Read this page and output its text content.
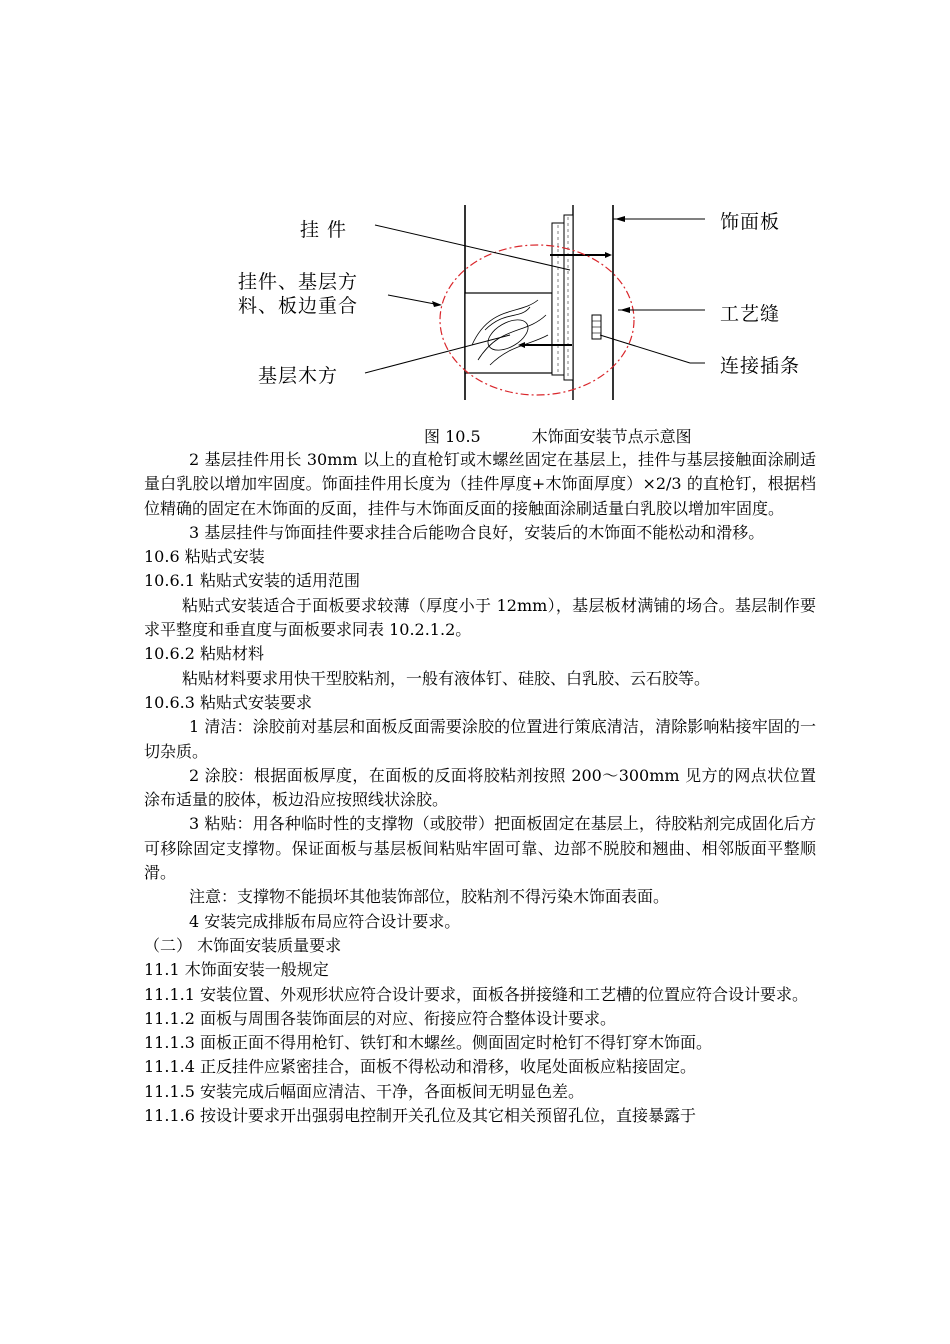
挂 件
挂件、基层方
料、板边重合
基层木方
饰面板
工艺缝
连接插条
图 10.5          木饰面安装节点示意图

2 基层挂件用长 30mm 以上的直枪钉或木螺丝固定在基层上，挂件与基层接触面涂刷适量白乳胶以增加牢固度。饰面挂件用长度为（挂件厚度+木饰面厚度）×2/3 的直枪钉，根据档位精确的固定在木饰面的反面，挂件与木饰面反面的接触面涂刷适量白乳胶以增加牢固度。

3 基层挂件与饰面挂件要求挂合后能吻合良好，安装后的木饰面不能松动和滑移。

10.6 粘贴式安装

10.6.1 粘贴式安装的适用范围

粘贴式安装适合于面板要求较薄（厚度小于 12mm），基层板材满铺的场合。基层制作要求平整度和垂直度与面板要求同表 10.2.1.2。

10.6.2 粘贴材料

粘贴材料要求用快干型胶粘剂，一般有液体钉、硅胶、白乳胶、云石胶等。

10.6.3 粘贴式安装要求

1 清洁：涂胶前对基层和面板反面需要涂胶的位置进行策底清洁，清除影响粘接牢固的一切杂质。

2 涂胶：根据面板厚度，在面板的反面将胶粘剂按照 200～300mm 见方的网点状位置涂布适量的胶体，板边沿应按照线状涂胶。

3 粘贴：用各种临时性的支撑物（或胶带）把面板固定在基层上，待胶粘剂完成固化后方可移除固定支撑物。保证面板与基层板间粘贴牢固可靠、边部不脱胶和翘曲、相邻版面平整顺滑。

注意：支撑物不能损坏其他装饰部位，胶粘剂不得污染木饰面表面。

4 安装完成排版布局应符合设计要求。

（二） 木饰面安装质量要求

11.1 木饰面安装一般规定

11.1.1 安装位置、外观形状应符合设计要求，面板各拼接缝和工艺槽的位置应符合设计要求。

11.1.2 面板与周围各装饰面层的对应、衔接应符合整体设计要求。

11.1.3 面板正面不得用枪钉、铁钉和木螺丝。侧面固定时枪钉不得钉穿木饰面。

11.1.4 正反挂件应紧密挂合，面板不得松动和滑移，收尾处面板应粘接固定。

11.1.5 安装完成后幅面应清洁、干净，各面板间无明显色差。

11.1.6 按设计要求开出强弱电控制开关孔位及其它相关预留孔位，直接暴露于
